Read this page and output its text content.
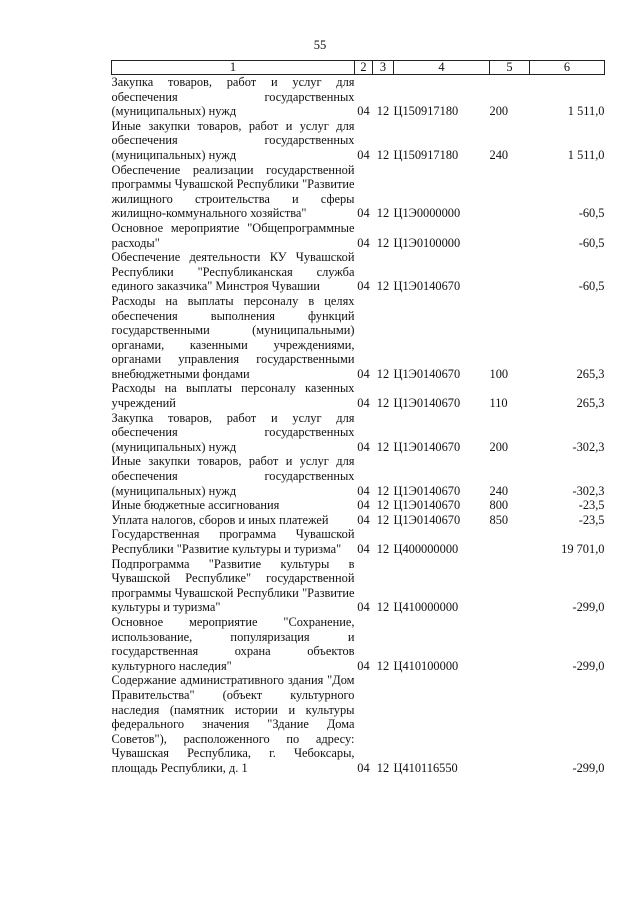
55
1	2	3	4	5	6
Закупка товаров, работ и услуг для обеспечения государственных (муниципальных) нужд	04	12	Ц150917180	200	1 511,0
Иные закупки товаров, работ и услуг для обеспечения государственных (муниципальных) нужд	04	12	Ц150917180	240	1 511,0
Обеспечение реализации государственной программы Чувашской Республики "Развитие жилищного строительства и сферы жилищно-коммунального хозяйства"	04	12	Ц1Э0000000		-60,5
Основное мероприятие "Общепрограммные расходы"	04	12	Ц1Э0100000		-60,5
Обеспечение деятельности КУ Чувашской Республики "Республиканская служба единого заказчика" Минстроя Чувашии	04	12	Ц1Э0140670		-60,5
Расходы на выплаты персоналу в целях обеспечения выполнения функций государственными (муниципальными) органами, казенными учреждениями, органами управления государственными внебюджетными фондами	04	12	Ц1Э0140670	100	265,3
Расходы на выплаты персоналу казенных учреждений	04	12	Ц1Э0140670	110	265,3
Закупка товаров, работ и услуг для обеспечения государственных (муниципальных) нужд	04	12	Ц1Э0140670	200	-302,3
Иные закупки товаров, работ и услуг для обеспечения государственных (муниципальных) нужд	04	12	Ц1Э0140670	240	-302,3
Иные бюджетные ассигнования	04	12	Ц1Э0140670	800	-23,5
Уплата налогов, сборов и иных платежей	04	12	Ц1Э0140670	850	-23,5
Государственная программа Чувашской Республики "Развитие культуры и туризма"	04	12	Ц400000000		19 701,0
Подпрограмма "Развитие культуры в Чувашской Республике" государственной программы Чувашской Республики "Развитие культуры и туризма"	04	12	Ц410000000		-299,0
Основное мероприятие "Сохранение, использование, популяризация и государственная охрана объектов культурного наследия"	04	12	Ц410100000		-299,0
Содержание административного здания "Дом Правительства" (объект культурного наследия (памятник истории и культуры федерального значения "Здание Дома Советов"), расположенного по адресу: Чувашская Республика, г. Чебоксары, площадь Республики, д. 1	04	12	Ц410116550		-299,0
